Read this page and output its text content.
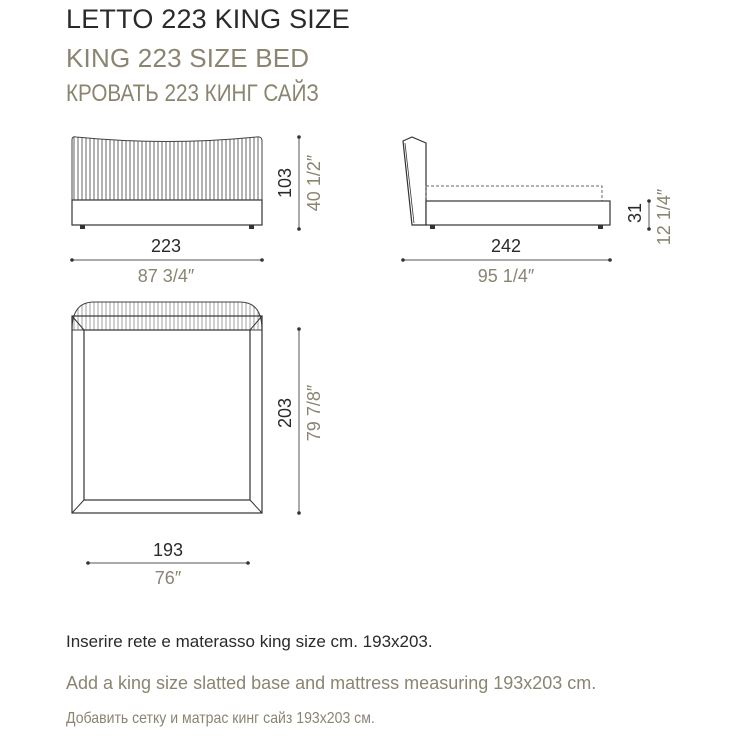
LETTO 223 KING SIZE
KING 223 SIZE BED
КРОВАТЬ 223 КИНГ САЙЗ
223
87 3/4″
103 40 1/2″
242
95 1/4″
31 12 1/4″
193
76″
203 79 7/8″
Inserire rete e materasso king size cm. 193x203.
Add a king size slatted base and mattress measuring 193x203 cm.
Добавить сетку и матрас кинг сайз 193x203 см.
